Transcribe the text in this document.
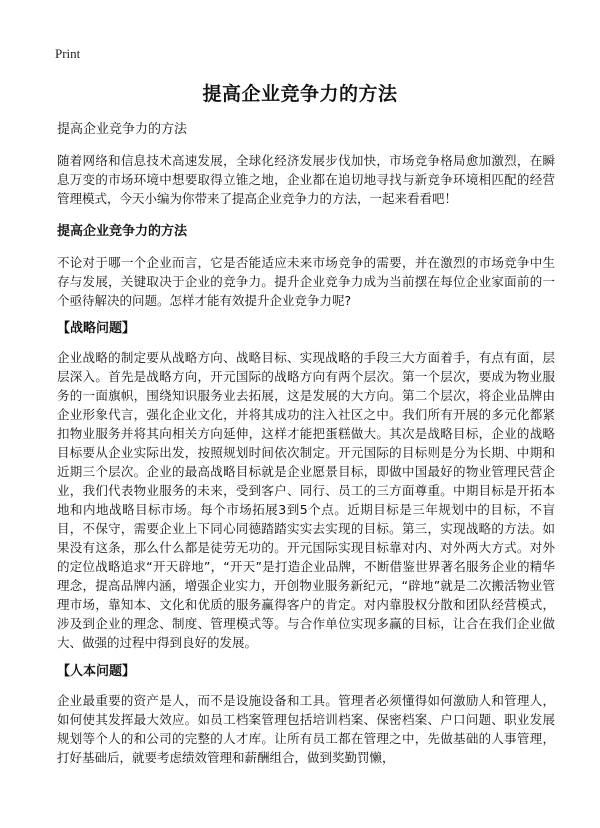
Print
提高企业竞争力的方法
提高企业竞争力的方法

随着网络和信息技术高速发展，全球化经济发展步伐加快，市场竞争格局愈加激烈，在瞬息万变的市场环境中想要取得立锥之地，企业都在追切地寻找与新竞争环境相匹配的经营管理模式，今天小编为你带来了提高企业竞争力的方法，一起来看看吧！

提高企业竞争力的方法

不论对于哪一个企业而言，它是否能适应未来市场竞争的需要，并在激烈的市场竞争中生存与发展，关键取决于企业的竞争力。提升企业竞争力成为当前摆在每位企业家面前的一个亟待解决的问题。怎样才能有效提升企业竞争力呢?

【战略问题】

企业战略的制定要从战略方向、战略目标、实现战略的手段三大方面着手，有点有面，层层深入。首先是战略方向，开元国际的战略方向有两个层次。第一个层次，要成为物业服务的一面旗帜，围绕知识服务业去拓展，这是发展的大方向。第二个层次，将企业品牌由企业形象代言，强化企业文化，并将其成功的注入社区之中。我们所有开展的多元化都紧扣物业服务并将其向相关方向延伸，这样才能把蛋糕做大。其次是战略目标，企业的战略目标要从企业实际出发，按照规划时间依次制定。开元国际的目标则是分为长期、中期和近期三个层次。企业的最高战略目标就是企业愿景目标，即做中国最好的物业管理民营企业，我们代表物业服务的未来，受到客户、同行、员工的三方面尊重。中期目标是开拓本地和内地战略目标市场。每个市场拓展3到5个点。近期目标是三年规划中的目标，不盲目，不保守，需要企业上下同心同德踏踏实实去实现的目标。第三，实现战略的方法。如果没有这条，那么什么都是徒劳无功的。开元国际实现目标靠对内、对外两大方式。对外的定位战略追求“开天辟地”，“开天”是打造企业品牌，不断借鉴世界著名服务企业的精华理念，提高品牌内涵，增强企业实力，开创物业服务新纪元，“辟地”就是二次搬活物业管理市场，靠知本、文化和优质的服务赢得客户的肯定。对内靠股权分散和团队经营模式，涉及到企业的理念、制度、管理模式等。与合作单位实现多赢的目标，让合在我们企业做大、做强的过程中得到良好的发展。

【人本问题】

企业最重要的资产是人，而不是设施设备和工具。管理者必须懂得如何激励人和管理人，如何使其发挥最大效应。如员工档案管理包括培训档案、保密档案、户口问题、职业发展规划等个人的和公司的完整的人才库。让所有员工都在管理之中，先做基础的人事管理，打好基础后，就要考虑绩效管理和薪酬组合，做到奖勤罚懒，
